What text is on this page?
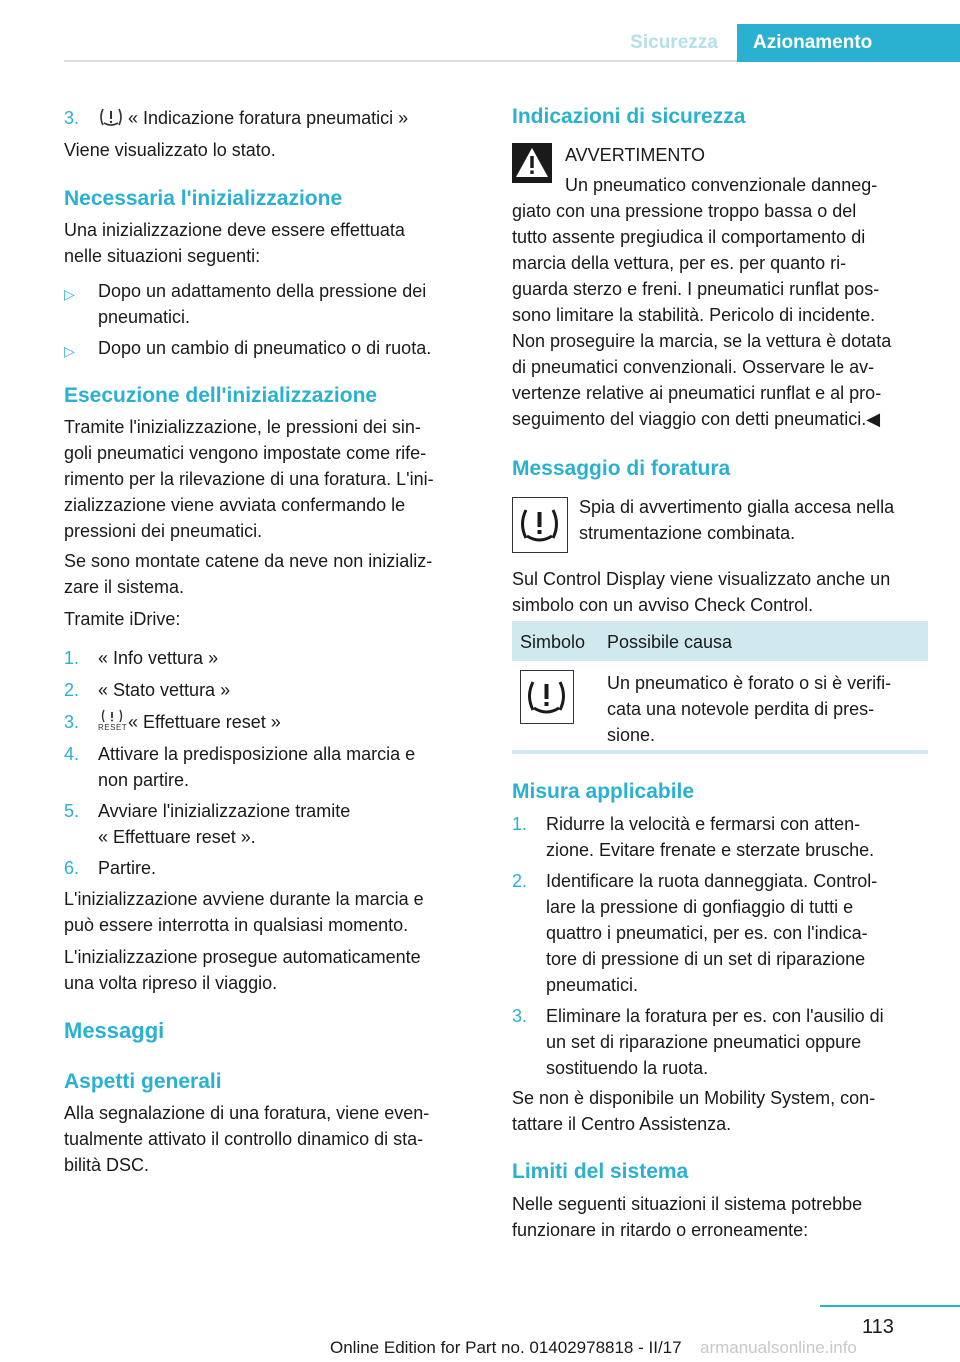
Sicurezza	Azionamento
3.	« Indicazione foratura pneumatici »

Viene visualizzato lo stato.

Necessaria l'inizializzazione

Una inizializzazione deve essere effettuata

nelle situazioni seguenti:

▷ Dopo un adattamento della pressione dei
pneumatici.
▷ Dopo un cambio di pneumatico o di ruota.
Esecuzione dell'inizializzazione

Tramite l'inizializzazione, le pressioni dei sin-

goli pneumatici vengono impostate come rife-

rimento per la rilevazione di una foratura. L'ini-

zializzazione viene avviata confermando le

pressioni dei pneumatici.

Se sono montate catene da neve non inizializ-

zare il sistema.

Tramite iDrive:

1. « Info vettura »
2. « Stato vettura »
3. RESET « Effettuare reset »
4. Attivare la predisposizione alla marcia e
non partire.
5. Avviare l'inizializzazione tramite
« Effettuare reset ».
6. Partire.

L'inizializzazione avviene durante la marcia e

può essere interrotta in qualsiasi momento.

L'inizializzazione prosegue automaticamente

una volta ripreso il viaggio.

Messaggi
Aspetti generali

Alla segnalazione di una foratura, viene even-

tualmente attivato il controllo dinamico di sta-

bilità DSC.

Indicazioni di sicurezza

AVVERTIMENTO

Un pneumatico convenzionale danneg-

giato con una pressione troppo bassa o del

tutto assente pregiudica il comportamento di

marcia della vettura, per es. per quanto ri-

guarda sterzo e freni. I pneumatici runflat pos-

sono limitare la stabilità. Pericolo di incidente.

Non proseguire la marcia, se la vettura è dotata

di pneumatici convenzionali. Osservare le av-

vertenze relative ai pneumatici runflat e al pro-

seguimento del viaggio con detti pneumatici.◀

Messaggio di foratura

Spia di avvertimento gialla accesa nella

strumentazione combinata.

Sul Control Display viene visualizzato anche un

simbolo con un avviso Check Control.

Simbolo Possibile causa

Un pneumatico è forato o si è verifi-

cata una notevole perdita di pres-

sione.

Misura applicabile
1. Ridurre la velocità e fermarsi con atten-
zione. Evitare frenate e sterzate brusche.
2. Identificare la ruota danneggiata. Control-
lare la pressione di gonfiaggio di tutti e
quattro i pneumatici, per es. con l'indica-
tore di pressione di un set di riparazione
pneumatici.
3. Eliminare la foratura per es. con l'ausilio di
un set di riparazione pneumatici oppure
sostituendo la ruota.

Se non è disponibile un Mobility System, con-

tattare il Centro Assistenza.

Limiti del sistema

Nelle seguenti situazioni il sistema potrebbe

funzionare in ritardo o erroneamente:

113
Online Edition for Part no. 01402978818 - II/17 armanualsonline.info
